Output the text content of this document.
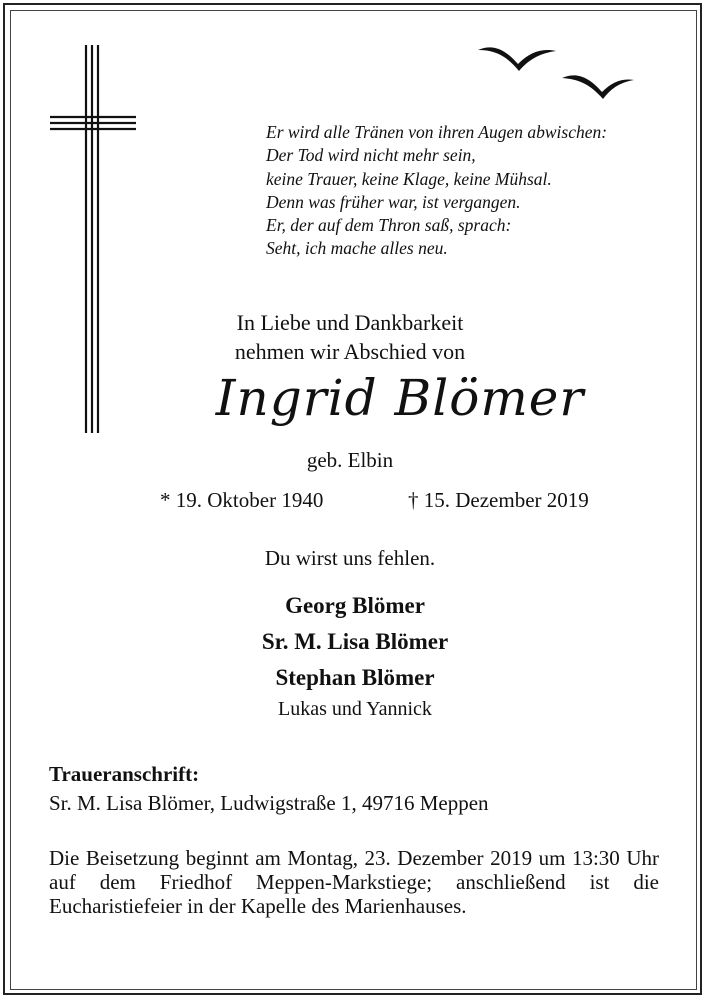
Er wird alle Tränen von ihren Augen abwischen:
Der Tod wird nicht mehr sein,
keine Trauer, keine Klage, keine Mühsal.
Denn was früher war, ist vergangen.
Er, der auf dem Thron saß, sprach:
Seht, ich mache alles neu.
In Liebe und Dankbarkeit
nehmen wir Abschied von
Ingrid Blömer
geb. Elbin
* 19. Oktober 1940	† 15. Dezember 2019
Du wirst uns fehlen.
Georg Blömer
Sr. M. Lisa Blömer
Stephan Blömer
Lukas und Yannick
Traueranschrift:
Sr. M. Lisa Blömer, Ludwigstraße 1, 49716 Meppen
Die Beisetzung beginnt am Montag, 23. Dezember 2019 um 13:30 Uhr auf dem Friedhof Meppen-Markstiege; anschließend ist die Eucharistiefeier in der Kapelle des Marienhauses.
